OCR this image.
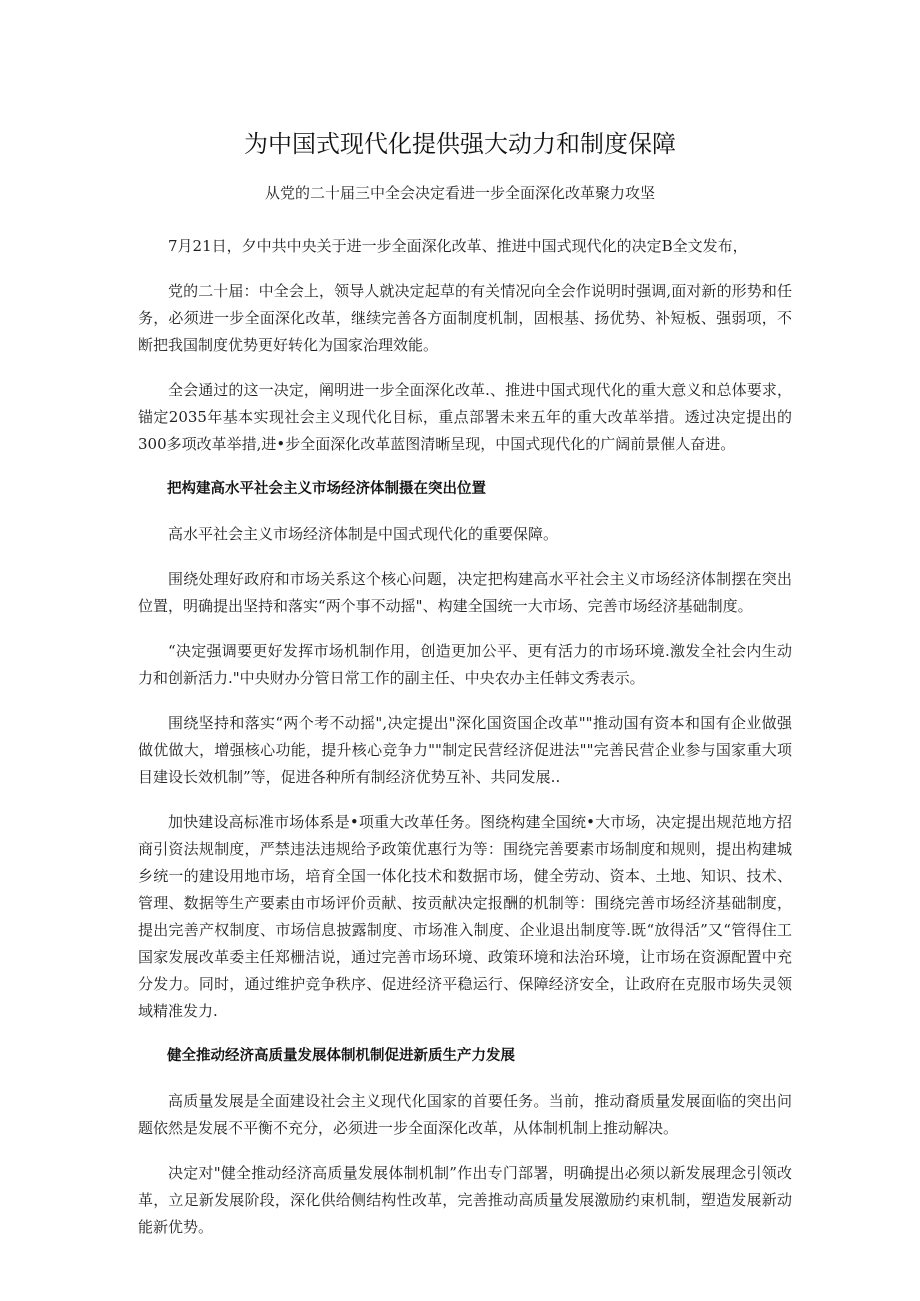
为中国式现代化提供强大动力和制度保障

从党的二十届三中全会决定看进一步全面深化改革聚力攻坚

7月21日，夕中共中央关于进一步全面深化改革、推进中国式现代化的决定B全文发布，

党的二十届：中全会上，领导人就决定起草的有关情况向全会作说明时强调,面对新的形势和任务，必须进一步全面深化改革，继续完善各方面制度机制，固根基、扬优势、补短板、强弱项，不断把我国制度优势更好转化为国家治理效能。

全会通过的这一决定，阐明进一步全面深化改革.、推进中国式现代化的重大意义和总体要求，锚定2035年基本实现社会主义现代化目标，重点部署未来五年的重大改革举措。透过决定提出的300多项改革举措,进•步全面深化改革蓝图清晰呈现，中国式现代化的广阔前景催人奋进。

把构建高水平社会主义市场经济体制摄在突出位置

高水平社会主义市场经济体制是中国式现代化的重要保障。

围绕处理好政府和市场关系这个核心问题，决定把构建高水平社会主义市场经济体制摆在突出位置，明确提出坚持和落实“两个事不动摇"、构建全国统一大市场、完善市场经济基础制度。

“决定强调要更好发挥市场机制作用，创造更加公平、更有活力的市场环境.激发全社会内生动力和创新活力."中央财办分管日常工作的副主任、中央农办主任韩文秀表示。

围绕坚持和落实“两个考不动摇",决定提出"深化国资国企改革""推动国有资本和国有企业做强做优做大，增强核心功能，提升核心竞争力""制定民营经济促进法""完善民营企业参与国家重大项目建设长效机制”等，促进各种所有制经济优势互补、共同发展..

加快建设高标准市场体系是•项重大改革任务。图绕构建全国统•大市场，决定提出规范地方招商引资法规制度，严禁违法违规给予政策优惠行为等：围绕完善要素市场制度和规则，提出构建城乡统一的建设用地市场，培育全国一体化技术和数据市场，健全劳动、资本、土地、知识、技术、管理、数据等生产要素由市场评价贡献、按贡献决定报酬的机制等：围绕完善市场经济基础制度，提出完善产权制度、市场信息披露制度、市场准入制度、企业退出制度等.既“放得活”又“管得住工国家发展改革委主任郑栅洁说，通过完善市场环境、政策环境和法治环境，让市场在资源配置中充分发力。同时，通过维护竞争秩序、促进经济平稳运行、保障经济安全，让政府在克服市场失灵领域精准发力.

健全推动经济高质量发展体制机制促进新质生产力发展

高质量发展是全面建设社会主义现代化国家的首要任务。当前，推动裔质量发展面临的突出问题依然是发展不平衡不充分，必须进一步全面深化改革，从体制机制上推动解决。

决定对"健全推动经济高质量发展体制机制”作出专门部署，明确提出必须以新发展理念引领改革，立足新发展阶段，深化供给侧结构性改革，完善推动高质量发展激励约束机制，塑造发展新动能新优势。
